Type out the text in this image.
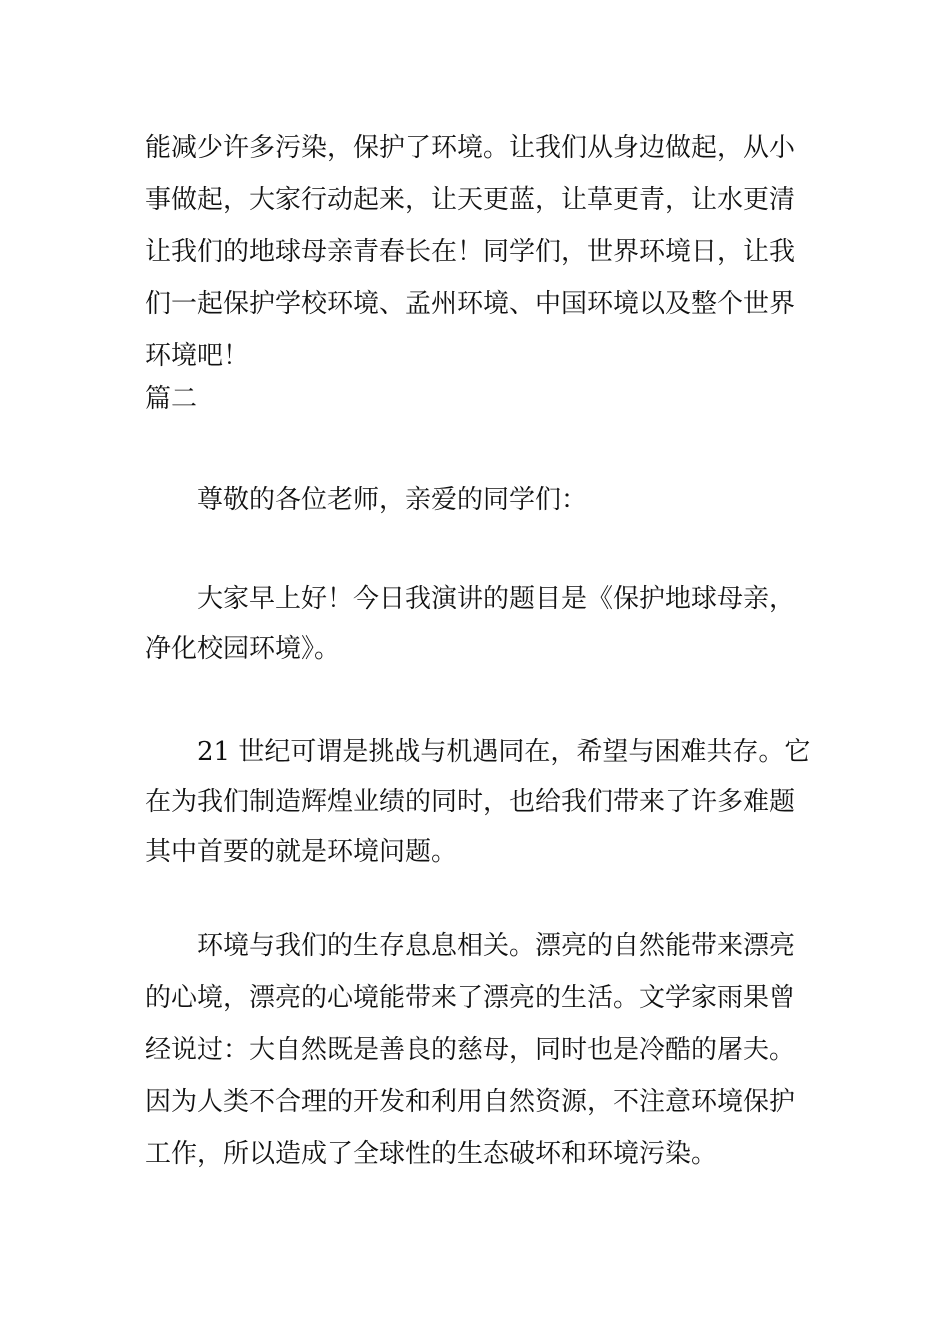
能减少许多污染，保护了环境。让我们从身边做起，从小
事做起，大家行动起来，让天更蓝，让草更青，让水更清
让我们的地球母亲青春长在！同学们，世界环境日，让我
们一起保护学校环境、孟州环境、中国环境以及整个世界
环境吧！
篇二
尊敬的各位老师，亲爱的同学们：
大家早上好！今日我演讲的题目是《保护地球母亲，
净化校园环境》。
21 世纪可谓是挑战与机遇同在，希望与困难共存。它
在为我们制造辉煌业绩的同时，也给我们带来了许多难题
其中首要的就是环境问题。
环境与我们的生存息息相关。漂亮的自然能带来漂亮
的心境，漂亮的心境能带来了漂亮的生活。文学家雨果曾
经说过：大自然既是善良的慈母，同时也是冷酷的屠夫。
因为人类不合理的开发和利用自然资源，不注意环境保护
工作，所以造成了全球性的生态破坏和环境污染。
